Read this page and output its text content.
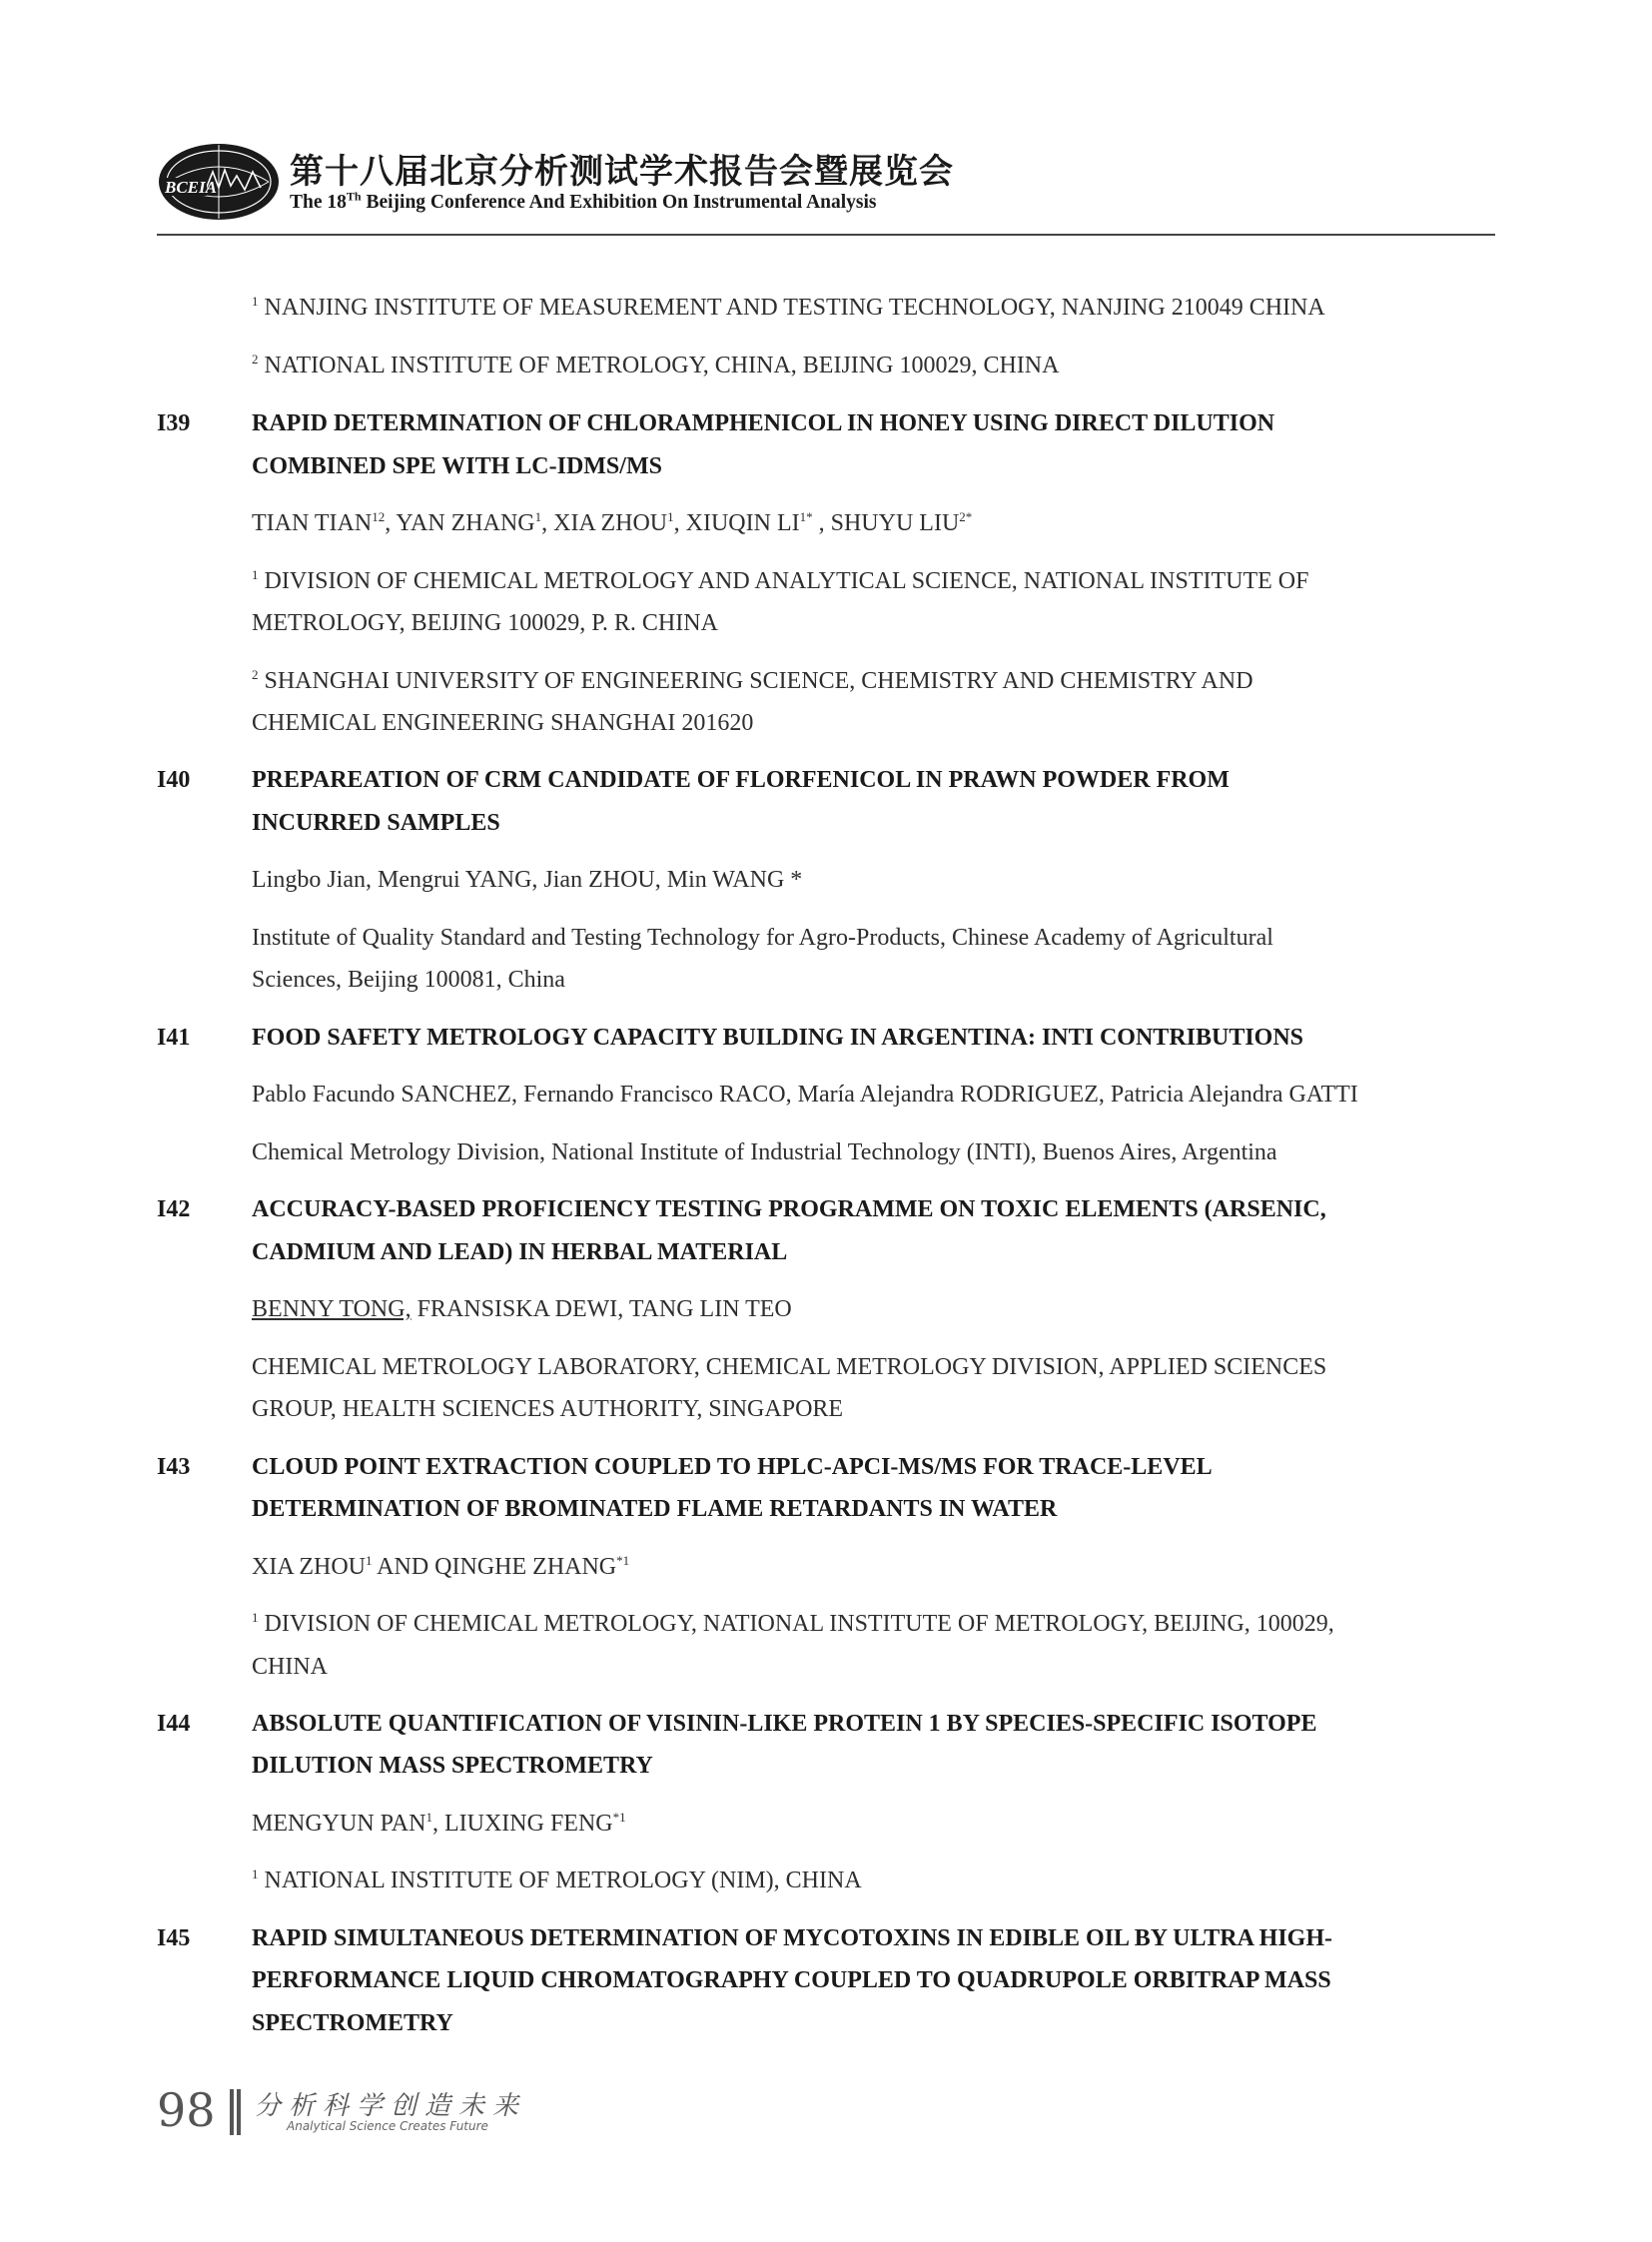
BCEIA 第十八届北京分析测试学术报告会暨展览会
The 18Th Beijing Conference And Exhibition On Instrumental Analysis
$^1$ NANJING INSTITUTE OF MEASUREMENT AND TESTING TECHNOLOGY, NANJING 210049 CHINA
$^2$ NATIONAL INSTITUTE OF METROLOGY, CHINA, BEIJING 100029, CHINA
I39	RAPID DETERMINATION OF CHLORAMPHENICOL IN HONEY USING DIRECT DILUTION
COMBINED SPE WITH LC-IDMS/MS
TIAN TIAN$^{12}$, YAN ZHANG$^1$, XIA ZHOU$^1$, XIUQIN $LI^{1*}$ , SHUYU $LIU^{2*}$
$^1$ DIVISION OF CHEMICAL METROLOGY AND ANALYTICAL SCIENCE, NATIONAL INSTITUTE OF
METROLOGY, BEIJING 100029, P. R. CHINA
$^2$ SHANGHAI UNIVERSITY OF ENGINEERING SCIENCE, CHEMISTRY AND CHEMISTRY AND
CHEMICAL ENGINEERING SHANGHAI 201620
I40	PREPAREATION OF CRM CANDIDATE OF FLORFENICOL IN PRAWN POWDER FROM
INCURRED SAMPLES
Lingbo Jian, Mengrui YANG, Jian ZHOU, Min WANG *
Institute of Quality Standard and Testing Technology for Agro-Products, Chinese Academy of Agricultural
Sciences, Beijing 100081, China
I41	FOOD SAFETY METROLOGY CAPACITY BUILDING IN ARGENTINA: INTI CONTRIBUTIONS
Pablo Facundo SANCHEZ, Fernando Francisco RACO, María Alejandra RODRIGUEZ, Patricia Alejandra GATTI
Chemical Metrology Division, National Institute of Industrial Technology (INTI), Buenos Aires, Argentina
I42	ACCURACY-BASED PROFICIENCY TESTING PROGRAMME ON TOXIC ELEMENTS (ARSENIC,
CADMIUM AND LEAD) IN HERBAL MATERIAL
BENNY TONG, FRANSISKA DEWI, TANG LIN TEO
CHEMICAL METROLOGY LABORATORY, CHEMICAL METROLOGY DIVISION, APPLIED SCIENCES
GROUP, HEALTH SCIENCES AUTHORITY, SINGAPORE
I43	CLOUD POINT EXTRACTION COUPLED TO HPLC-APCI-MS/MS FOR TRACE-LEVEL
DETERMINATION OF BROMINATED FLAME RETARDANTS IN WATER
XIA ZHOU$^1$ AND QINGHE ZHANG$^{*1}$
$^1$ DIVISION OF CHEMICAL METROLOGY, NATIONAL INSTITUTE OF METROLOGY, BEIJING, 100029,
CHINA
I44	ABSOLUTE QUANTIFICATION OF VISININ-LIKE PROTEIN 1 BY SPECIES-SPECIFIC ISOTOPE
DILUTION MASS SPECTROMETRY
MENGYUN PAN$^1$, LIUXING FENG$^{*1}$
$^1$ NATIONAL INSTITUTE OF METROLOGY (NIM), CHINA
I45	RAPID SIMULTANEOUS DETERMINATION OF MYCOTOXINS IN EDIBLE OIL BY ULTRA HIGH-
PERFORMANCE LIQUID CHROMATOGRAPHY COUPLED TO QUADRUPOLE ORBITRAP MASS
SPECTROMETRY
98 分析科学创造未来
Analytical Science Creates Future
